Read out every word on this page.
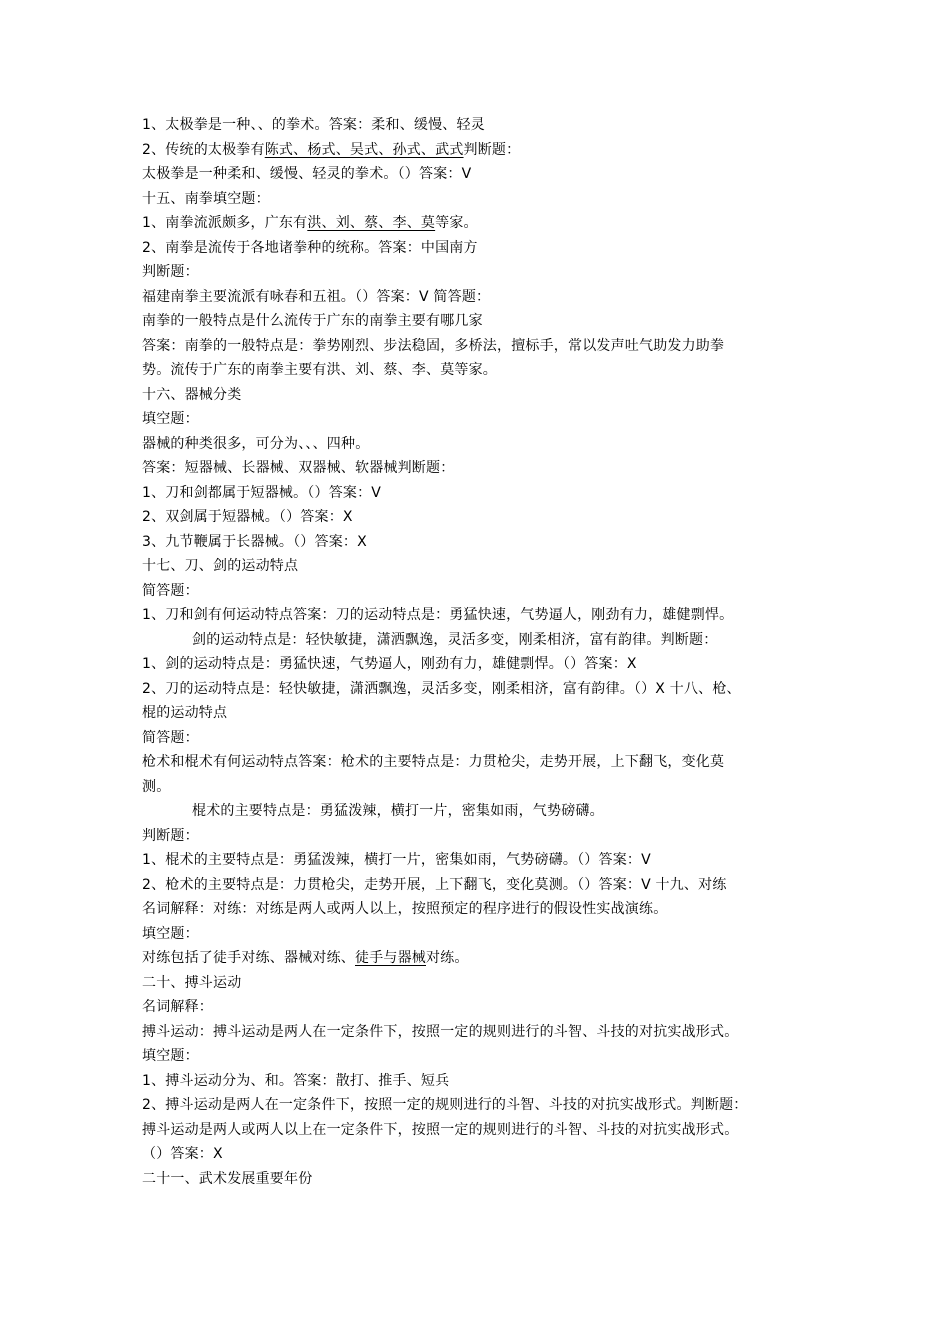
1、太极拳是一种、、的拳术。答案：柔和、缓慢、轻灵
2、传统的太极拳有陈式、杨式、吴式、孙式、武式判断题：
太极拳是一种柔和、缓慢、轻灵的拳术。（）答案：V
十五、南拳填空题：
1、南拳流派颇多，广东有洪、刘、蔡、李、莫等家。
2、南拳是流传于各地诸拳种的统称。答案：中国南方
判断题：
福建南拳主要流派有咏春和五祖。（）答案：V 简答题：
南拳的一般特点是什么流传于广东的南拳主要有哪几家
答案：南拳的一般特点是：拳势刚烈、步法稳固，多桥法，擅标手，常以发声吐气助发力助拳
势。流传于广东的南拳主要有洪、刘、蔡、李、莫等家。
十六、器械分类
填空题：
器械的种类很多，可分为、、、四种。
答案：短器械、长器械、双器械、软器械判断题：
1、刀和剑都属于短器械。（）答案：V
2、双剑属于短器械。（）答案：X
3、九节鞭属于长器械。（）答案：X
十七、刀、剑的运动特点
简答题：
1、刀和剑有何运动特点答案：刀的运动特点是：勇猛快速，气势逼人，刚劲有力，雄健剽悍。
剑的运动特点是：轻快敏捷，潇洒飘逸，灵活多变，刚柔相济，富有韵律。判断题：
1、剑的运动特点是：勇猛快速，气势逼人，刚劲有力，雄健剽悍。（）答案：X
2、刀的运动特点是：轻快敏捷，潇洒飘逸，灵活多变，刚柔相济，富有韵律。（）X 十八、枪、
棍的运动特点
简答题：
枪术和棍术有何运动特点答案：枪术的主要特点是：力贯枪尖，走势开展，上下翻飞，变化莫
测。
棍术的主要特点是：勇猛泼辣，横打一片，密集如雨，气势磅礴。
判断题：
1、棍术的主要特点是：勇猛泼辣，横打一片，密集如雨，气势磅礴。（）答案：V
2、枪术的主要特点是：力贯枪尖，走势开展，上下翻飞，变化莫测。（）答案：V 十九、对练
名词解释：对练：对练是两人或两人以上，按照预定的程序进行的假设性实战演练。
填空题：
对练包括了徒手对练、器械对练、徒手与器械对练。
二十、搏斗运动
名词解释：
搏斗运动：搏斗运动是两人在一定条件下，按照一定的规则进行的斗智、斗技的对抗实战形式。
填空题：
1、搏斗运动分为、和。答案：散打、推手、短兵
2、搏斗运动是两人在一定条件下，按照一定的规则进行的斗智、斗技的对抗实战形式。判断题：
搏斗运动是两人或两人以上在一定条件下，按照一定的规则进行的斗智、斗技的对抗实战形式。
（）答案：X
二十一、武术发展重要年份
